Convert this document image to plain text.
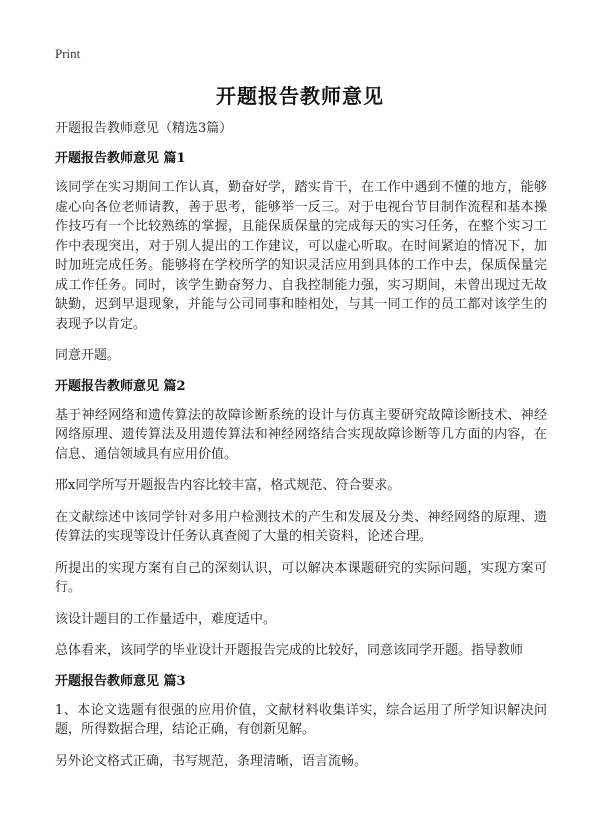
Print
开题报告教师意见
开题报告教师意见（精选3篇）
开题报告教师意见 篇1

该同学在实习期间工作认真，勤奋好学，踏实肯干，在工作中遇到不懂的地方，能够虚心向各位老师请教，善于思考，能够举一反三。对于电视台节目制作流程和基本操作技巧有一个比较熟练的掌握，且能保质保量的完成每天的实习任务，在整个实习工作中表现突出，对于别人提出的工作建议，可以虚心听取。在时间紧迫的情况下，加时加班完成任务。能够将在学校所学的知识灵活应用到具体的工作中去，保质保量完成工作任务。同时，该学生勤奋努力、自我控制能力强，实习期间，未曾出现过无故缺勤，迟到早退现象，并能与公司同事和睦相处，与其一同工作的员工都对该学生的表现予以肯定。

同意开题。

开题报告教师意见 篇2

基于神经网络和遗传算法的故障诊断系统的设计与仿真主要研究故障诊断技术、神经网络原理、遗传算法及用遗传算法和神经网络结合实现故障诊断等几方面的内容，在信息、通信领域具有应用价值。

邢x同学所写开题报告内容比较丰富，格式规范、符合要求。

在文献综述中该同学针对多用户检测技术的产生和发展及分类、神经网络的原理、遗传算法的实现等设计任务认真查阅了大量的相关资料，论述合理。

所提出的实现方案有自己的深刻认识，可以解决本课题研究的实际问题，实现方案可行。

该设计题目的工作量适中，难度适中。

总体看来，该同学的毕业设计开题报告完成的比较好，同意该同学开题。指导教师

开题报告教师意见 篇3

1、本论文选题有很强的应用价值，文献材料收集详实，综合运用了所学知识解决问题，所得数据合理，结论正确，有创新见解。

另外论文格式正确，书写规范，条理清晰，语言流畅。
